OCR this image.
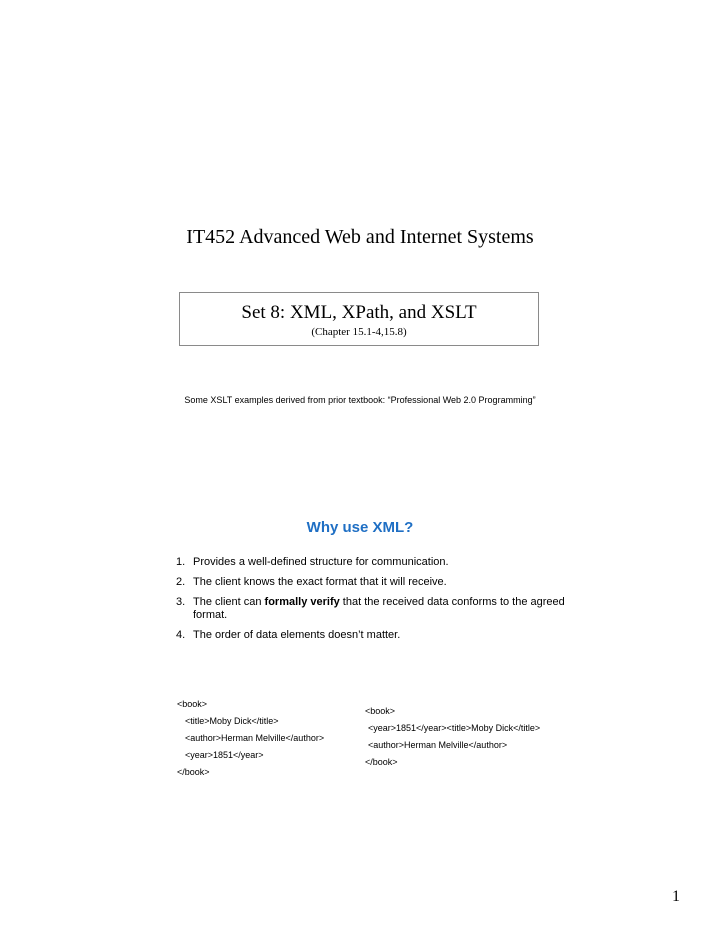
IT452 Advanced Web and Internet Systems
Set 8: XML, XPath, and XSLT
(Chapter 15.1-4,15.8)
Some XSLT examples derived from prior textbook: “Professional Web 2.0 Programming”
Why use XML?
1. Provides a well-defined structure for communication.
2. The client knows the exact format that it will receive.
3. The client can formally verify that the received data conforms to the agreed format.
4. The order of data elements doesn’t matter.
<book>
<title>Moby Dick</title>
<author>Herman Melville</author>
<year>1851</year>
</book>
<book>
<year>1851</year><title>Moby Dick</title>
<author>Herman Melville</author>
</book>
1
